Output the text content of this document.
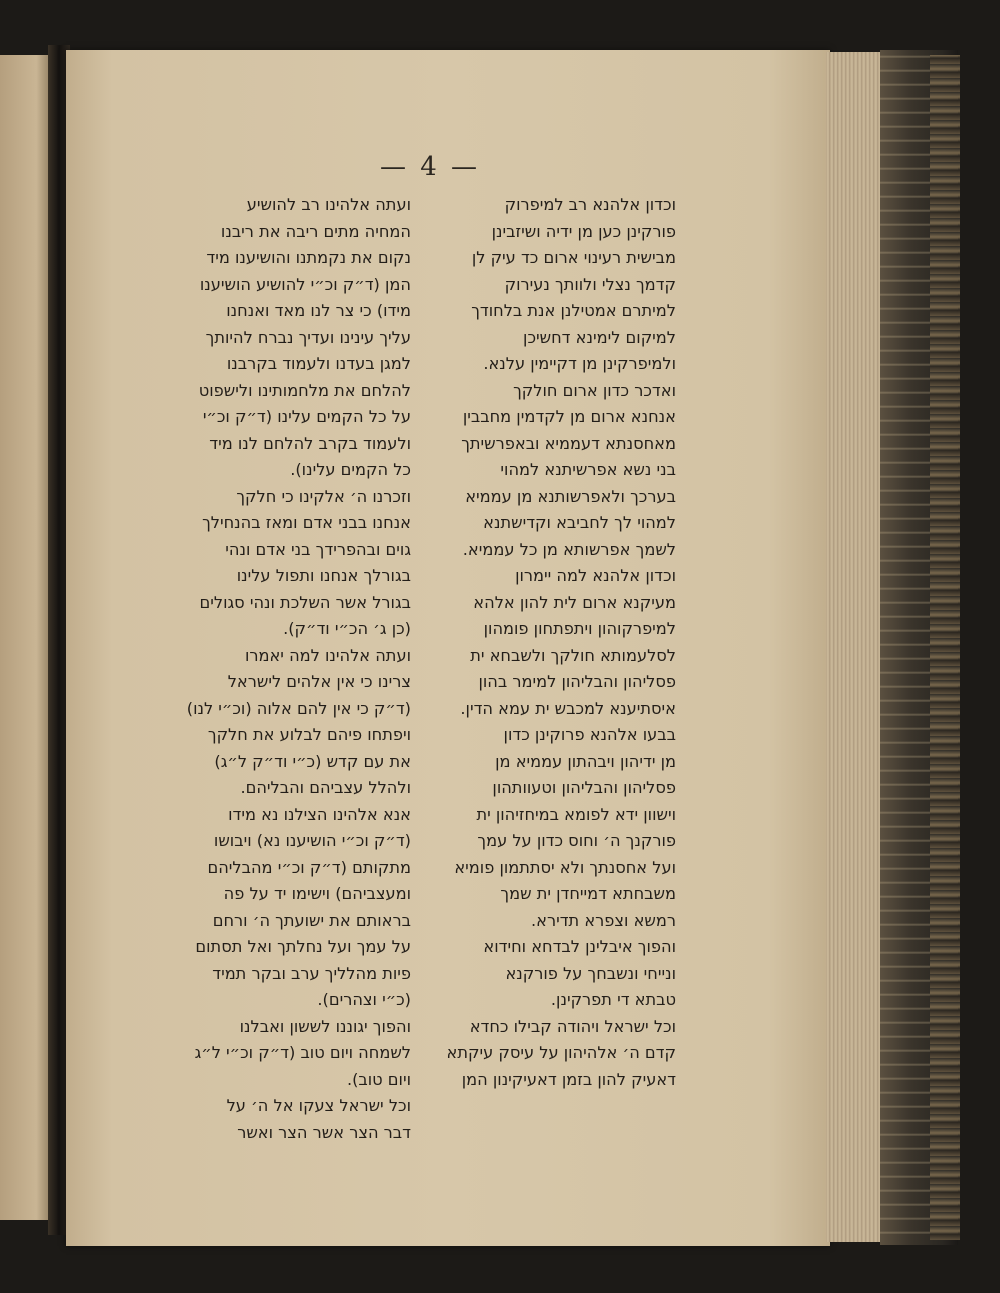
— 4 —
וכדון אלהנא רב למיפרוק
פורקינן כען מן ידיה ושיזבינן
מבישית רעינוי ארום כד עיק לן
קדמך נצלי ולוותך נעירוק
למיתרם אמטילנן אנת בלחודך
למיקום לימינא דחשיכן
ולמיפרקינן מן דקיימין עלנא.
ואדכר כדון ארום חולקך
אנחנא ארום מן לקדמין מחבבין
מאחסנתא דעממיא ובאפרשיתך
בני נשא אפרשיתנא למהוי
בערכך ולאפרשותנא מן עממיא
למהוי לך לחביבא וקדישתנא
לשמך אפרשותא מן כל עממיא.
וכדון אלהנא למה יימרון
מעיקנא ארום לית להון אלהא
למיפרקוהון ויתפתחון פומהון
לסלעמותא חולקך ולשבחא ית
פסליהון והבליהון למימר בהון
איסתיענא למכבש ית עמא הדין.
בבעו אלהנא פרוקינן כדון
מן ידיהון ויבהתון עממיא מן
פסליהון והבליהון וטעוותהון
וישוון ידא לפומא במיחזיהון ית
פורקנך ה׳ וחוס כדון על עמך
ועל אחסנתך ולא יסתתמון פומיא
משבחתא דמייחדן ית שמך
רמשא וצפרא תדירא.
והפוך איבלינן לבדחא וחידוא
ונייחי ונשבחך על פורקנא
טבתא די תפרקינן.
וכל ישראל ויהודה קבילו כחדא
קדם ה׳ אלהיהון על עיסק עיקתא
דאעיק להון בזמן דאעיקינון המן
ועתה אלהינו רב להושיע
המחיה מתים ריבה את ריבנו
נקום את נקמתנו והושיענו מיד
המן (ד״ק וכ״י להושיע הושיענו
מידו) כי צר לנו מאד ואנחנו
עליך עינינו ועדיך נברח להיותך
למגן בעדנו ולעמוד בקרבנו
להלחם את מלחמותינו ולישפוט
על כל הקמים עלינו (ד״ק וכ״י
ולעמוד בקרב להלחם לנו מיד
כל הקמים עלינו).
וזכרנו ה׳ אלקינו כי חלקך
אנחנו בבני אדם ומאז בהנחילך
גוים ובהפרידך בני אדם ונהי
בגורלך אנחנו ותפול עלינו
בגורל אשר השלכת ונהי סגולים
(כן ג׳ הכ״י וד״ק).
ועתה אלהינו למה יאמרו
צרינו כי אין אלהים לישראל
(ד״ק כי אין להם אלוה (וכ״י לנו)
ויפתחו פיהם לבלוע את חלקך
את עם קדש (כ״י וד״ק ל״ג)
ולהלל עצביהם והבליהם.
אנא אלהינו הצילנו נא מידו
(ד״ק וכ״י הושיענו נא) ויבושו
מתקותם (ד״ק וכ״י מהבליהם
ומעצביהם) וישימו יד על פה
בראותם את ישועתך ה׳ ורחם
על עמך ועל נחלתך ואל תסתום
פיות מהלליך ערב ובקר תמיד
(כ״י וצהרים).
והפוך יגוננו לששון ואבלנו
לשמחה ויום טוב (ד״ק וכ״י ל״ג
ויום טוב).
וכל ישראל צעקו אל ה׳ על
דבר הצר אשר הצר ואשר
